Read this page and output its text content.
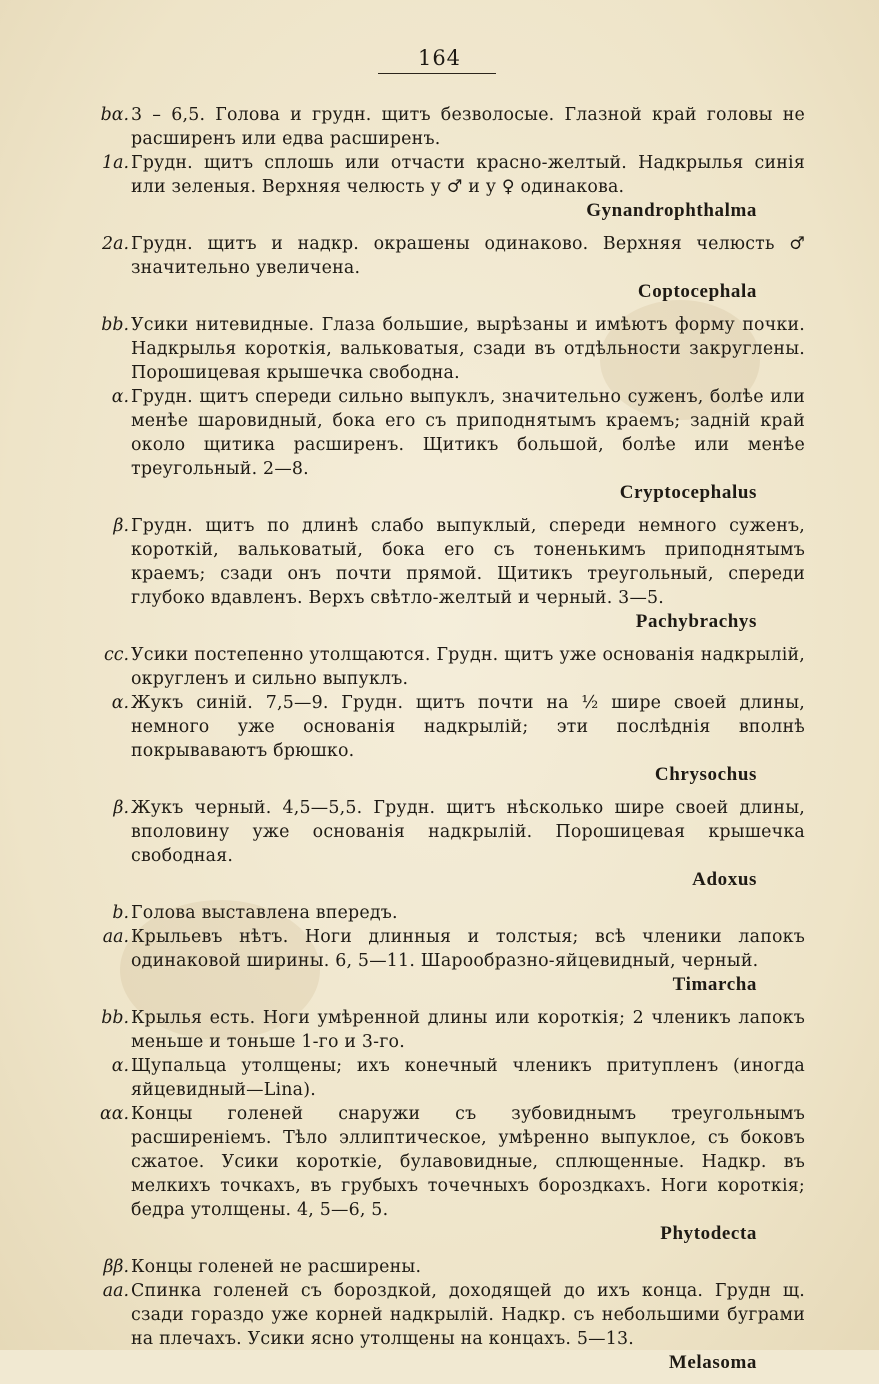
164
bα. 3 – 6,5. Голова и грудн. щитъ безволосые. Глазной край головы не расширенъ или едва расширенъ.
1a. Грудн. щитъ сплошь или отчасти красно-желтый. Надкрылья синія или зеленыя. Верхняя челюсть у ♂ и у ♀ одинакова.
Gynandrophthalma
2a. Грудн. щитъ и надкр. окрашены одинаково. Верхняя челюсть ♂ значительно увеличена.
Coptocephala
bb. Усики нитевидные. Глаза большие, вырѣзаны и имѣютъ форму почки. Надкрылья короткія, вальковатыя, сзади въ отдѣльности закруглены. Порошицевая крышечка свободна.
α. Грудн. щитъ спереди сильно выпуклъ, значительно суженъ, болѣе или менѣе шаровидный, бока его съ приподнятымъ краемъ; задній край около щитика расширенъ. Щитикъ большой, болѣе или менѣе треугольный. 2—8.
Cryptocephalus
β. Грудн. щитъ по длинѣ слабо выпуклый, спереди немного суженъ, короткій, вальковатый, бока его съ тоненькимъ приподнятымъ краемъ; сзади онъ почти прямой. Щитикъ треугольный, спереди глубоко вдавленъ. Верхъ свѣтло-желтый и черный. 3—5.
Pachybrachys
cc. Усики постепенно утолщаются. Грудн. щитъ уже основанія надкрылій, округленъ и сильно выпуклъ.
α. Жукъ синій. 7,5—9. Грудн. щитъ почти на ½ шире своей длины, немного уже основанія надкрылій; эти послѣднія вполнѣ покрываваютъ брюшко.
Chrysochus
β. Жукъ черный. 4,5—5,5. Грудн. щитъ нѣсколько шире своей длины, вполовину уже основанія надкрылій. Порошицевая крышечка свободная.
Adoxus
b. Голова выставлена впередъ.
aa. Крыльевъ нѣтъ. Ноги длинныя и толстыя; всѣ членики лапокъ одинаковой ширины. 6, 5—11. Шарообразно-яйцевидный, черный.
Timarcha
bb. Крылья есть. Ноги умѣренной длины или короткія; 2 членикъ лапокъ меньше и тоньше 1-го и 3-го.
α. Щупальца утолщены; ихъ конечный членикъ притупленъ (иногда яйцевидный—Lina).
αα. Концы голеней снаружи съ зубовиднымъ треугольнымъ расширеніемъ. Тѣло эллиптическое, умѣренно выпуклое, съ боковъ сжатое. Усики короткіе, булавовидные, сплющенные. Надкр. въ мелкихъ точкахъ, въ грубыхъ точечныхъ бороздкахъ. Ноги короткія; бедра утолщены. 4, 5—6, 5.
Phytodecta
ββ. Концы голеней не расширены.
aa. Спинка голеней съ бороздкой, доходящей до ихъ конца. Грудн щ. сзади гораздо уже корней надкрылій. Надкр. съ небольшими буграми на плечахъ. Усики ясно утолщены на концахъ. 5—13.
Melasoma
